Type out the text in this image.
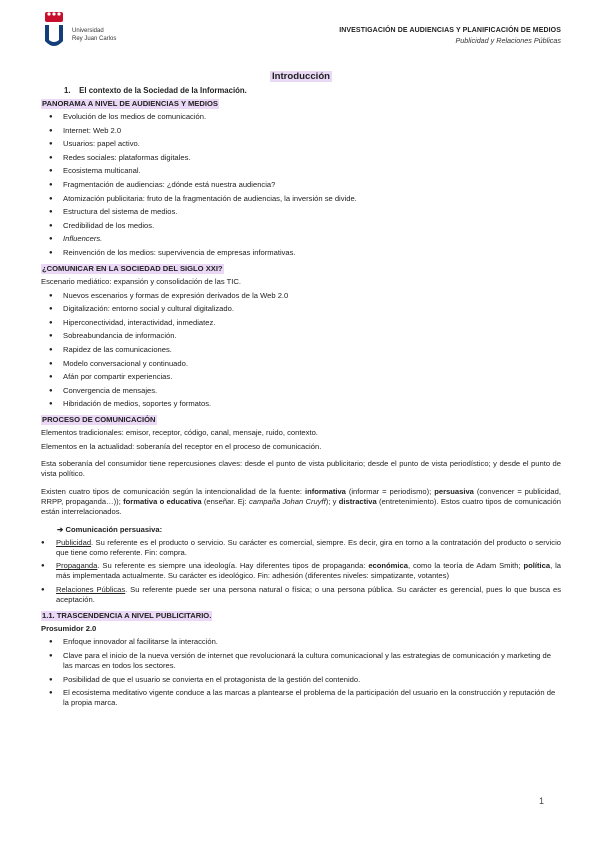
Universidad
Rey Juan Carlos
INVESTIGACIÓN DE AUDIENCIAS Y PLANIFICACIÓN DE MEDIOS
Publicidad y Relaciones Públicas
Introducción
1.    El contexto de la Sociedad de la Información.
PANORAMA A NIVEL DE AUDIENCIAS Y MEDIOS
● Evolución de los medios de comunicación.
● Internet: Web 2.0
● Usuarios: papel activo.
● Redes sociales: plataformas digitales.
● Ecosistema multicanal.
● Fragmentación de audiencias: ¿dónde está nuestra audiencia?
● Atomización publicitaria: fruto de la fragmentación de audiencias, la inversión se divide.
● Estructura del sistema de medios.
● Credibilidad de los medios.
● Influencers.
● Reinvención de los medios: supervivencia de empresas informativas.
¿COMUNICAR EN LA SOCIEDAD DEL SIGLO XXI?

Escenario mediático: expansión y consolidación de las TIC.

● Nuevos escenarios y formas de expresión derivados de la Web 2.0
● Digitalización: entorno social y cultural digitalizado.
● Hiperconectividad, interactividad, inmediatez.
● Sobreabundancia de información.
● Rapidez de las comunicaciones.
● Modelo conversacional y continuado.
● Afán por compartir experiencias.
● Convergencia de mensajes.
● Hibridación de medios, soportes y formatos.
PROCESO DE COMUNICACIÓN

Elementos tradicionales: emisor, receptor, código, canal, mensaje, ruido, contexto.

Elementos en la actualidad: soberanía del receptor en el proceso de comunicación.

Esta soberanía del consumidor tiene repercusiones claves: desde el punto de vista publicitario; desde el punto de vista periodístico; y desde el punto de vista político.

Existen cuatro tipos de comunicación según la intencionalidad de la fuente: informativa (informar = periodismo); persuasiva (convencer = publicidad, RRPP, propaganda…)); formativa o educativa (enseñar. Ej: campaña Johan Cruyff); y distractiva (entretenimiento). Estos cuatro tipos de comunicación están interrelacionados.

➔ Comunicación persuasiva:
● Publicidad. Su referente es el producto o servicio. Su carácter es comercial, siempre. Es decir, gira en torno a la contratación del producto o servicio que tiene como referente. Fin: compra.
● Propaganda. Su referente es siempre una ideología. Hay diferentes tipos de propaganda: económica, como la teoría de Adam Smith; política, la más implementada actualmente. Su carácter es ideológico. Fin: adhesión (diferentes niveles: simpatizante, votantes)
● Relaciones Públicas. Su referente puede ser una persona natural o física; o una persona pública. Su carácter es gerencial, pues lo que busca es aceptación.
1.1. TRASCENDENCIA A NIVEL PUBLICITARIO.

Prosumidor 2.0

● Enfoque innovador al facilitarse la interacción.
● Clave para el inicio de la nueva versión de internet que revolucionará la cultura comunicacional y las estrategias de comunicación y marketing de las marcas en todos los sectores.
● Posibilidad de que el usuario se convierta en el protagonista de la gestión del contenido.
● El ecosistema meditativo vigente conduce a las marcas a plantearse el problema de la participación del usuario en la construcción y reputación de la propia marca.
1
